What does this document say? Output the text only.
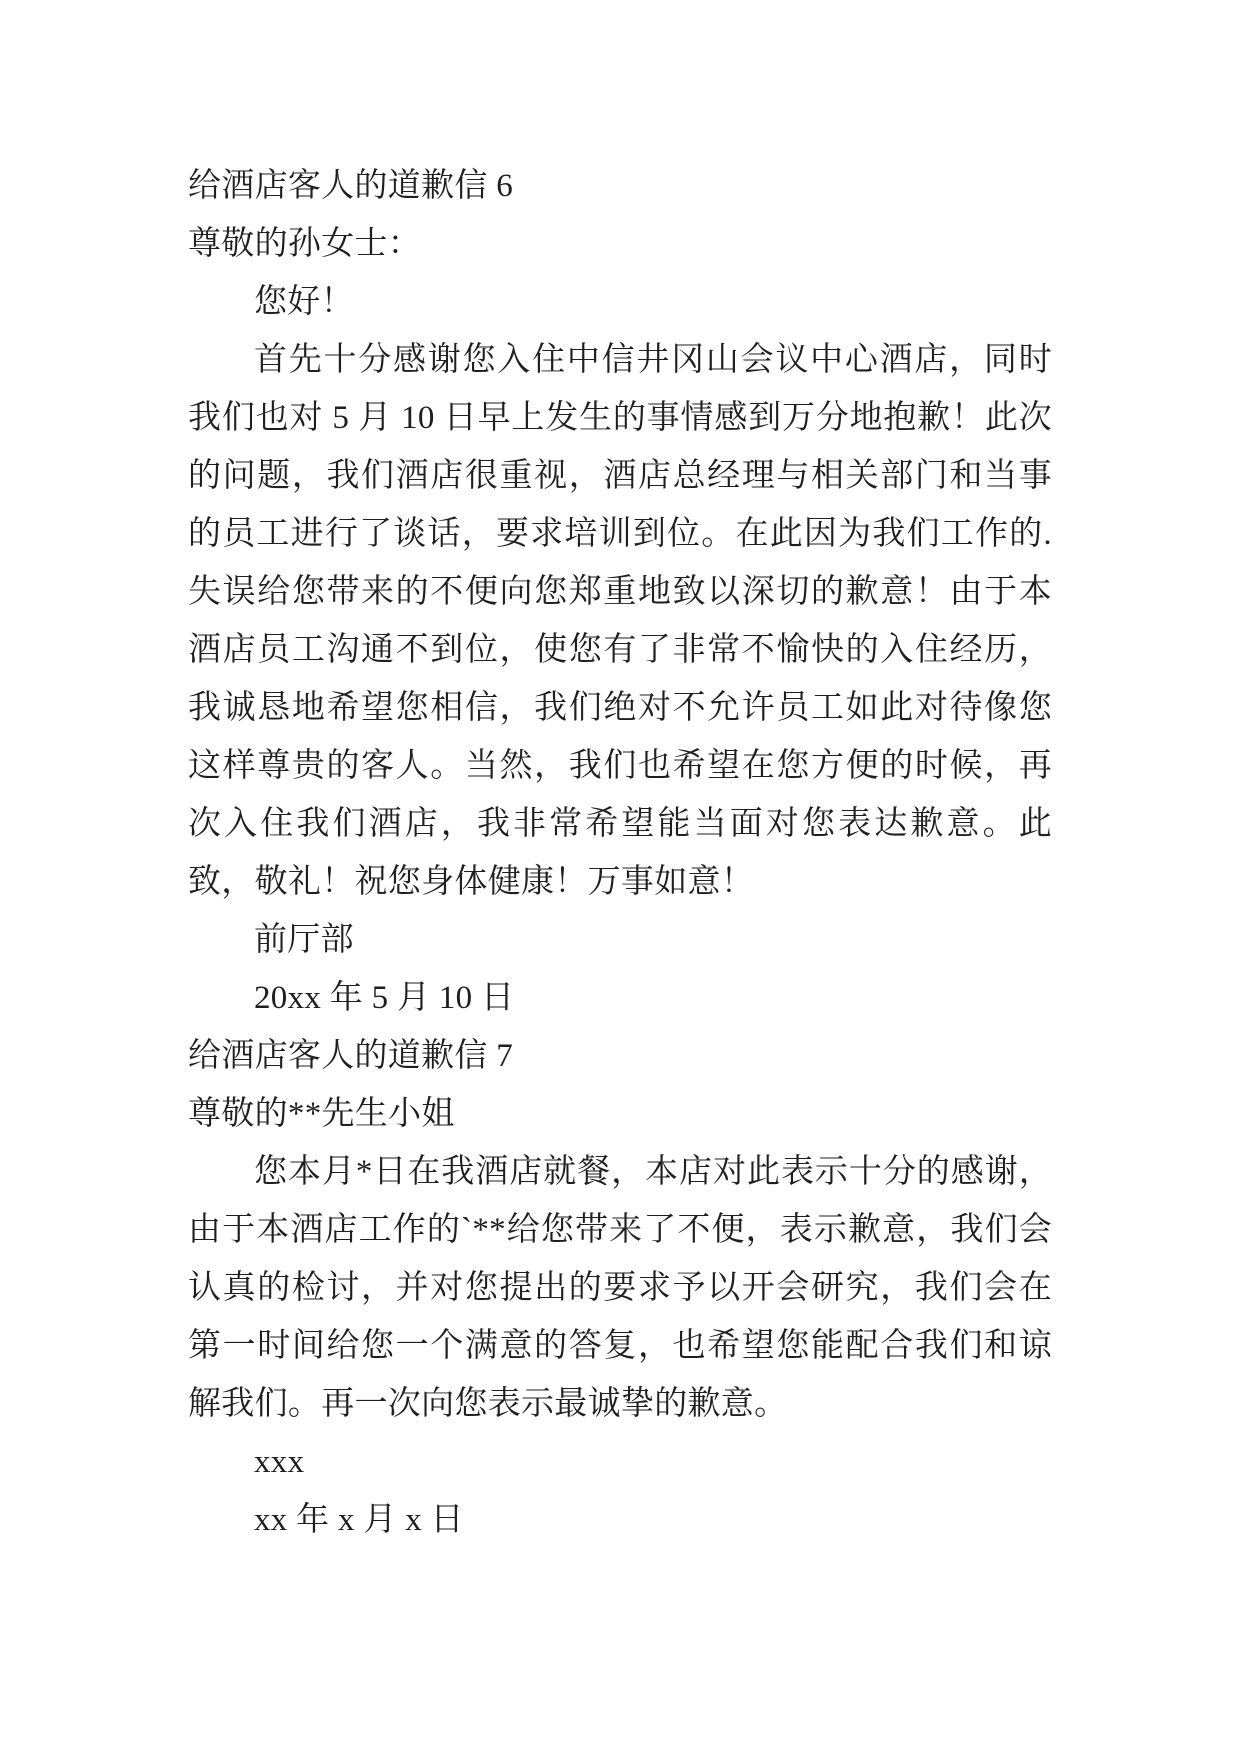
给酒店客人的道歉信 6

尊敬的孙女士：

您好！

首先十分感谢您入住中信井冈山会议中心酒店，同时我们也对 5 月 10 日早上发生的事情感到万分地抱歉！此次的问题，我们酒店很重视，酒店总经理与相关部门和当事的员工进行了谈话，要求培训到位。在此因为我们工作的.失误给您带来的不便向您郑重地致以深切的歉意！由于本酒店员工沟通不到位，使您有了非常不愉快的入住经历，我诚恳地希望您相信，我们绝对不允许员工如此对待像您这样尊贵的客人。当然，我们也希望在您方便的时候，再次入住我们酒店，我非常希望能当面对您表达歉意。此致，敬礼！祝您身体健康！万事如意！

前厅部

20xx 年 5 月 10 日

给酒店客人的道歉信 7

尊敬的**先生小姐

您本月*日在我酒店就餐，本店对此表示十分的感谢，由于本酒店工作的`**给您带来了不便，表示歉意，我们会认真的检讨，并对您提出的要求予以开会研究，我们会在第一时间给您一个满意的答复，也希望您能配合我们和谅解我们。再一次向您表示最诚挚的歉意。

xxx

xx 年 x 月 x 日
